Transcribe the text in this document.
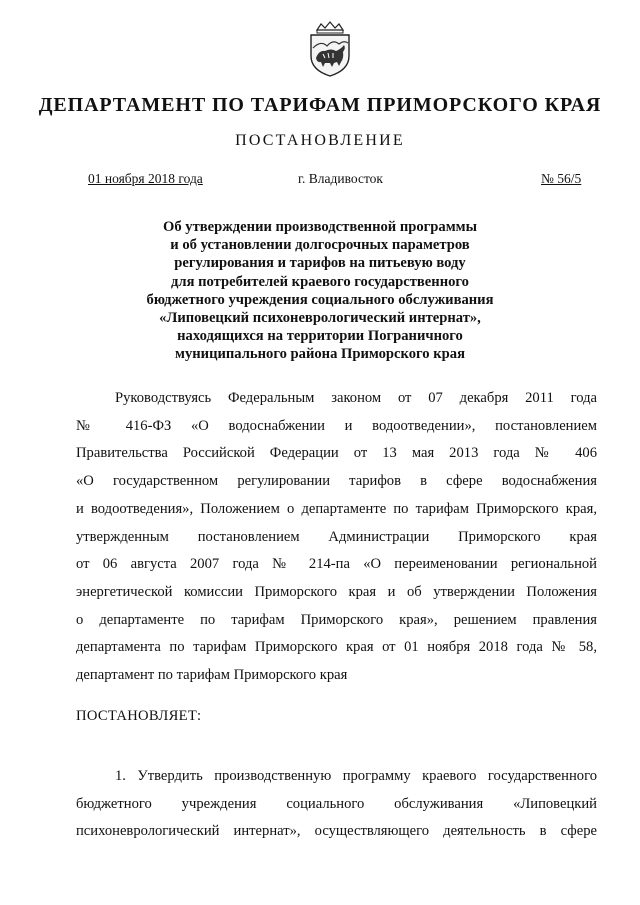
ДЕПАРТАМЕНТ ПО ТАРИФАМ ПРИМОРСКОГО КРАЯ
ПОСТАНОВЛЕНИЕ
01 ноября 2018 года	г. Владивосток	№ 56/5
Об утверждении производственной программы
и об установлении долгосрочных параметров
регулирования и тарифов на питьевую воду
для потребителей краевого государственного
бюджетного учреждения социального обслуживания
«Липовецкий психоневрологический интернат»,
находящихся на территории Пограничного
муниципального района Приморского края
Руководствуясь Федеральным законом от 07 декабря 2011 года
№ 416-ФЗ «О водоснабжении и водоотведении», постановлением
Правительства Российской Федерации от 13 мая 2013 года № 406
«О государственном регулировании тарифов в сфере водоснабжения
и водоотведения», Положением о департаменте по тарифам Приморского края,
утвержденным постановлением Администрации Приморского края
от 06 августа 2007 года № 214-па «О переименовании региональной
энергетической комиссии Приморского края и об утверждении Положения
о департаменте по тарифам Приморского края», решением правления
департамента по тарифам Приморского края от 01 ноября 2018 года № 58,
департамент по тарифам Приморского края
ПОСТАНОВЛЯЕТ:
1. Утвердить производственную программу краевого государственного
бюджетного учреждения социального обслуживания «Липовецкий
психоневрологический интернат», осуществляющего деятельность в сфере
